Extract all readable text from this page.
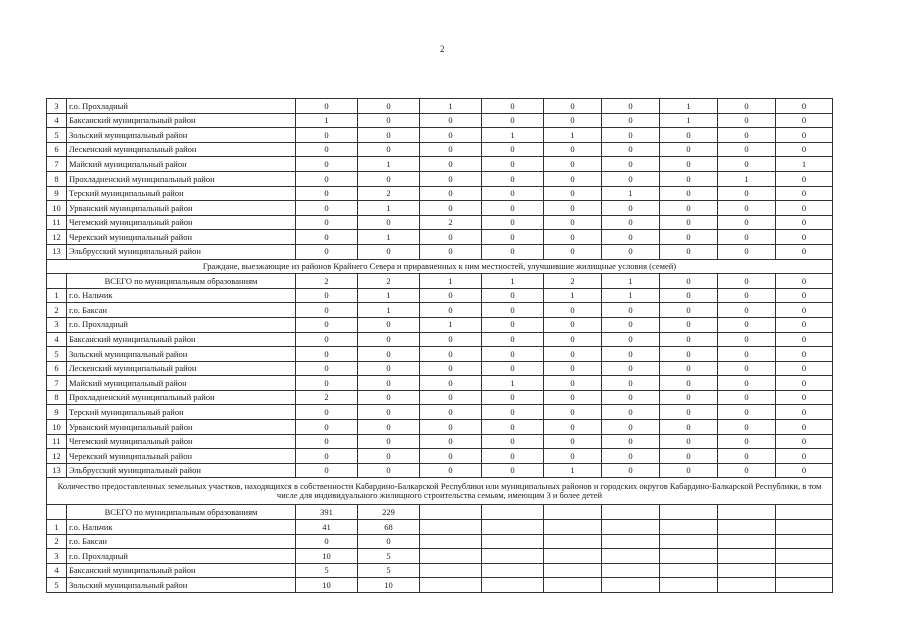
2
3	г.о. Прохладный	0	0	1	0	0	0	1	0	0
4	Баксанский муниципальный район	1	0	0	0	0	0	1	0	0
5	Зольский муниципальный район	0	0	0	1	1	0	0	0	0
6	Лескенский муниципальный район	0	0	0	0	0	0	0	0	0
7	Майский муниципальный район	0	1	0	0	0	0	0	0	1
8	Прохладненский муниципальный район	0	0	0	0	0	0	0	1	0
9	Терский муниципальный район	0	2	0	0	0	1	0	0	0
10	Урванский муниципальный район	0	1	0	0	0	0	0	0	0
11	Чегемский муниципальный район	0	0	2	0	0	0	0	0	0
12	Черекский муниципальный район	0	1	0	0	0	0	0	0	0
13	Эльбрусский муниципальный район	0	0	0	0	0	0	0	0	0
Граждане, выезжающие из районов Крайнего Севера и приравненных к ним местностей, улучшившие жилищные условия (семей)										
	ВСЕГО по муниципальным образованиям	2	2	1	1	2	1	0	0	0
1	г.о. Нальчик	0	1	0	0	1	1	0	0	0
2	г.о. Баксан	0	1	0	0	0	0	0	0	0
3	г.о. Прохладный	0	0	1	0	0	0	0	0	0
4	Баксанский муниципальный район	0	0	0	0	0	0	0	0	0
5	Зольский муниципальный район	0	0	0	0	0	0	0	0	0
6	Лескенский муниципальный район	0	0	0	0	0	0	0	0	0
7	Майский муниципальный район	0	0	0	1	0	0	0	0	0
8	Прохладненский муниципальный район	2	0	0	0	0	0	0	0	0
9	Терский муниципальный район	0	0	0	0	0	0	0	0	0
10	Урванский муниципальный район	0	0	0	0	0	0	0	0	0
11	Чегемский муниципальный район	0	0	0	0	0	0	0	0	0
12	Черекский муниципальный район	0	0	0	0	0	0	0	0	0
13	Эльбрусский муниципальный район	0	0	0	0	1	0	0	0	0
Количество предоставленных земельных участков, находящихся в собственности Кабардино-Балкарской Республики или муниципальных районов и городских округов Кабардино-Балкарской Республики, в том числе для индивидуального жилищного строительства семьям, имеющим 3 и более детей										
	ВСЕГО по муниципальным образованиям	391	229							
1	г.о. Нальчик	41	68							
2	г.о. Баксан	0	0							
3	г.о. Прохладный	10	5							
4	Баксанский муниципальный район	5	5							
5	Зольский муниципальный район	10	10							
